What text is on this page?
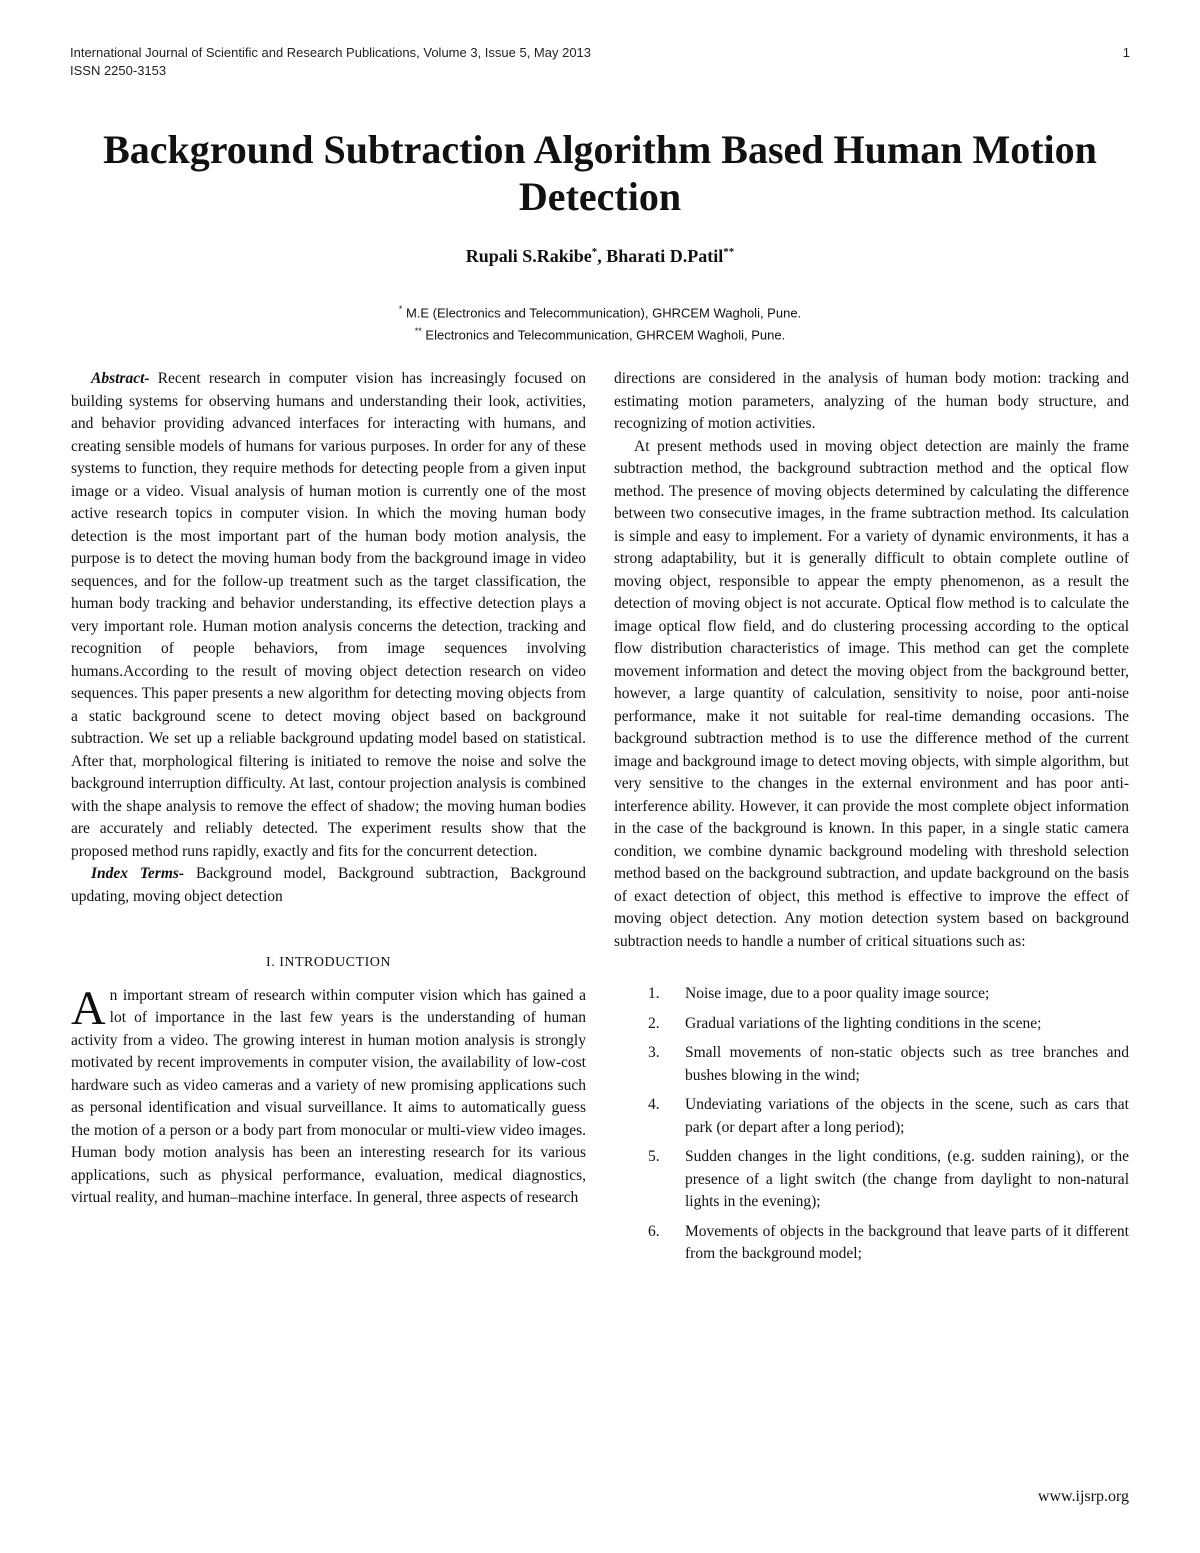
International Journal of Scientific and Research Publications, Volume 3, Issue 5, May 2013
ISSN 2250-3153
1
Background Subtraction Algorithm Based Human Motion Detection
Rupali S.Rakibe*, Bharati D.Patil**
* M.E (Electronics and Telecommunication), GHRCEM Wagholi, Pune.
** Electronics and Telecommunication, GHRCEM Wagholi, Pune.

Abstract- Recent research in computer vision has increasingly focused on building systems for observing humans and understanding their look, activities, and behavior providing advanced interfaces for interacting with humans, and creating sensible models of humans for various purposes. In order for any of these systems to function, they require methods for detecting people from a given input image or a video. Visual analysis of human motion is currently one of the most active research topics in computer vision. In which the moving human body detection is the most important part of the human body motion analysis, the purpose is to detect the moving human body from the background image in video sequences, and for the follow-up treatment such as the target classification, the human body tracking and behavior understanding, its effective detection plays a very important role. Human motion analysis concerns the detection, tracking and recognition of people behaviors, from image sequences involving humans.According to the result of moving object detection research on video sequences. This paper presents a new algorithm for detecting moving objects from a static background scene to detect moving object based on background subtraction. We set up a reliable background updating model based on statistical. After that, morphological filtering is initiated to remove the noise and solve the background interruption difficulty. At last, contour projection analysis is combined with the shape analysis to remove the effect of shadow; the moving human bodies are accurately and reliably detected. The experiment results show that the proposed method runs rapidly, exactly and fits for the concurrent detection.

Index Terms- Background model, Background subtraction, Background updating, moving object detection

I. INTRODUCTION

An important stream of research within computer vision which has gained a lot of importance in the last few years is the understanding of human activity from a video. The growing interest in human motion analysis is strongly motivated by recent improvements in computer vision, the availability of low-cost hardware such as video cameras and a variety of new promising applications such as personal identification and visual surveillance. It aims to automatically guess the motion of a person or a body part from monocular or multi-view video images. Human body motion analysis has been an interesting research for its various applications, such as physical performance, evaluation, medical diagnostics, virtual reality, and human–machine interface. In general, three aspects of research

directions are considered in the analysis of human body motion: tracking and estimating motion parameters, analyzing of the human body structure, and recognizing of motion activities.

At present methods used in moving object detection are mainly the frame subtraction method, the background subtraction method and the optical flow method. The presence of moving objects determined by calculating the difference between two consecutive images, in the frame subtraction method. Its calculation is simple and easy to implement. For a variety of dynamic environments, it has a strong adaptability, but it is generally difficult to obtain complete outline of moving object, responsible to appear the empty phenomenon, as a result the detection of moving object is not accurate. Optical flow method is to calculate the image optical flow field, and do clustering processing according to the optical flow distribution characteristics of image. This method can get the complete movement information and detect the moving object from the background better, however, a large quantity of calculation, sensitivity to noise, poor anti-noise performance, make it not suitable for real-time demanding occasions. The background subtraction method is to use the difference method of the current image and background image to detect moving objects, with simple algorithm, but very sensitive to the changes in the external environment and has poor anti- interference ability. However, it can provide the most complete object information in the case of the background is known. In this paper, in a single static camera condition, we combine dynamic background modeling with threshold selection method based on the background subtraction, and update background on the basis of exact detection of object, this method is effective to improve the effect of moving object detection. Any motion detection system based on background subtraction needs to handle a number of critical situations such as:

1. Noise image, due to a poor quality image source;
2. Gradual variations of the lighting conditions in the scene;
3. Small movements of non-static objects such as tree branches and bushes blowing in the wind;
4. Undeviating variations of the objects in the scene, such as cars that park (or depart after a long period);
5. Sudden changes in the light conditions, (e.g. sudden raining), or the presence of a light switch (the change from daylight to non-natural lights in the evening);
6. Movements of objects in the background that leave parts of it different from the background model;
www.ijsrp.org
